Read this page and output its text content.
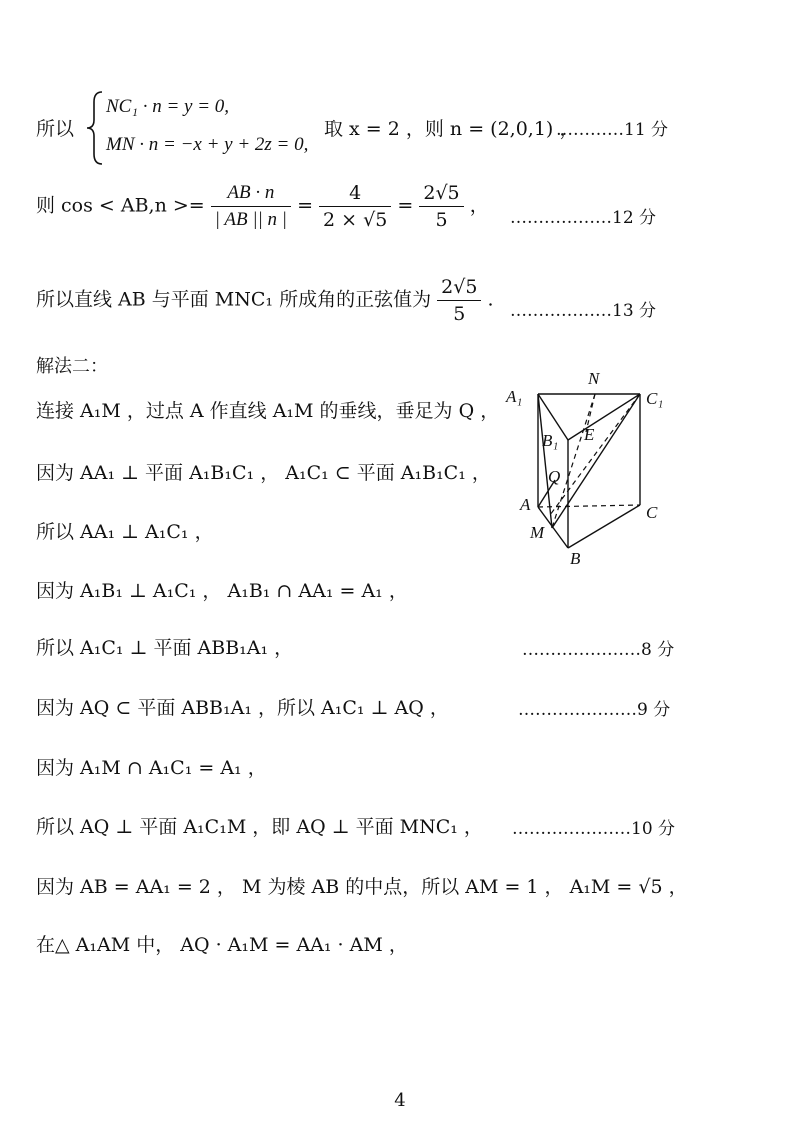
所以
NC₁ · n = y = 0,
MN · n = −x + y + 2z = 0,
取 x = 2 ，则 n = (2,0,1) ，
…………11 分
则 $\cos < AB,n >= \frac{AB \cdot n}{| AB || n |} = \frac{4}{2 \times √5} = \frac{2√5}{5}$ ，
………………12 分
所以直线 AB 与平面 MNC₁ 所成角的正弦值为 $\frac{2√5}{5}$ .
………………13 分
解法二：
连接 A₁M ，过点 A 作直线 A₁M 的垂线，垂足为 Q ，
因为 AA₁ ⊥ 平面 A₁B₁C₁ ， A₁C₁ ⊂ 平面 A₁B₁C₁ ，
所以 AA₁ ⊥ A₁C₁ ，
因为 A₁B₁ ⊥ A₁C₁ ， A₁B₁ ∩ AA₁ = A₁ ，
所以 A₁C₁ ⊥ 平面 ABB₁A₁ ，	…………………8 分
因为 AQ ⊂ 平面 ABB₁A₁ ，所以 A₁C₁ ⊥ AQ ，	…………………9 分
因为 A₁M ∩ A₁C₁ = A₁ ，
所以 AQ ⊥ 平面 A₁C₁M ，即 AQ ⊥ 平面 MNC₁ ， …………………10 分
因为 AB = AA₁ = 2 ， M 为棱 AB 的中点，所以 AM = 1 ， A₁M = √5 ，
在△ A₁AM 中， AQ · A₁M = AA₁ · AM ，
A₁
N
C₁
B₁ E
Q
A	C
M
B
4
